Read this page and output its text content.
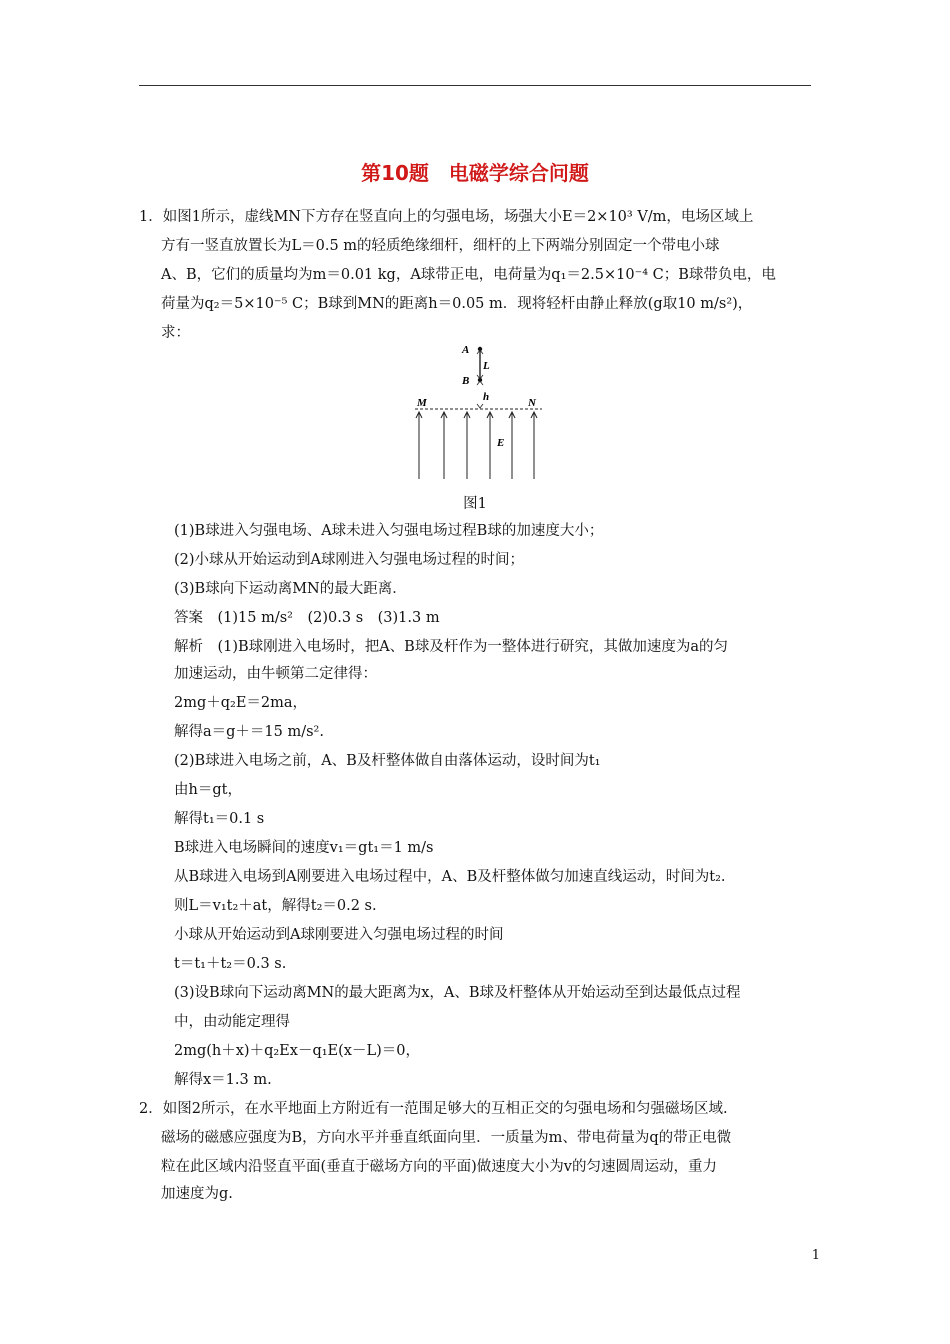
第10题　电磁学综合问题
1．如图1所示，虚线MN下方存在竖直向上的匀强电场，场强大小E＝2×10³ V/m，电场区域上
方有一竖直放置长为L＝0.5 m的轻质绝缘细杆，细杆的上下两端分别固定一个带电小球
A、B，它们的质量均为m＝0.01 kg，A球带正电，电荷量为q₁＝2.5×10⁻⁴ C；B球带负电，电
荷量为q₂＝5×10⁻⁵ C；B球到MN的距离h＝0.05 m．现将轻杆由静止释放(g取10 m/s²)，
求：
A
B
L
h
M	N
E
图1
(1)B球进入匀强电场、A球未进入匀强电场过程B球的加速度大小；
(2)小球从开始运动到A球刚进入匀强电场过程的时间；
(3)B球向下运动离MN的最大距离．
答案　(1)15 m/s²　(2)0.3 s　(3)1.3 m
解析　(1)B球刚进入电场时，把A、B球及杆作为一整体进行研究，其做加速度为a的匀
加速运动，由牛顿第二定律得：
2mg＋q₂E＝2ma，
解得a＝g＋＝15 m/s².
(2)B球进入电场之前，A、B及杆整体做自由落体运动，设时间为t₁
由h＝gt，
解得t₁＝0.1 s
B球进入电场瞬间的速度v₁＝gt₁＝1 m/s
从B球进入电场到A刚要进入电场过程中，A、B及杆整体做匀加速直线运动，时间为t₂.
则L＝v₁t₂＋at，解得t₂＝0.2 s.
小球从开始运动到A球刚要进入匀强电场过程的时间
t＝t₁＋t₂＝0.3 s.
(3)设B球向下运动离MN的最大距离为x，A、B球及杆整体从开始运动至到达最低点过程
中，由动能定理得
2mg(h＋x)＋q₂Ex－q₁E(x－L)＝0，
解得x＝1.3 m.
2．如图2所示，在水平地面上方附近有一范围足够大的互相正交的匀强电场和匀强磁场区域.
磁场的磁感应强度为B，方向水平并垂直纸面向里．一质量为m、带电荷量为q的带正电微
粒在此区域内沿竖直平面(垂直于磁场方向的平面)做速度大小为v的匀速圆周运动，重力
加速度为g.
1
